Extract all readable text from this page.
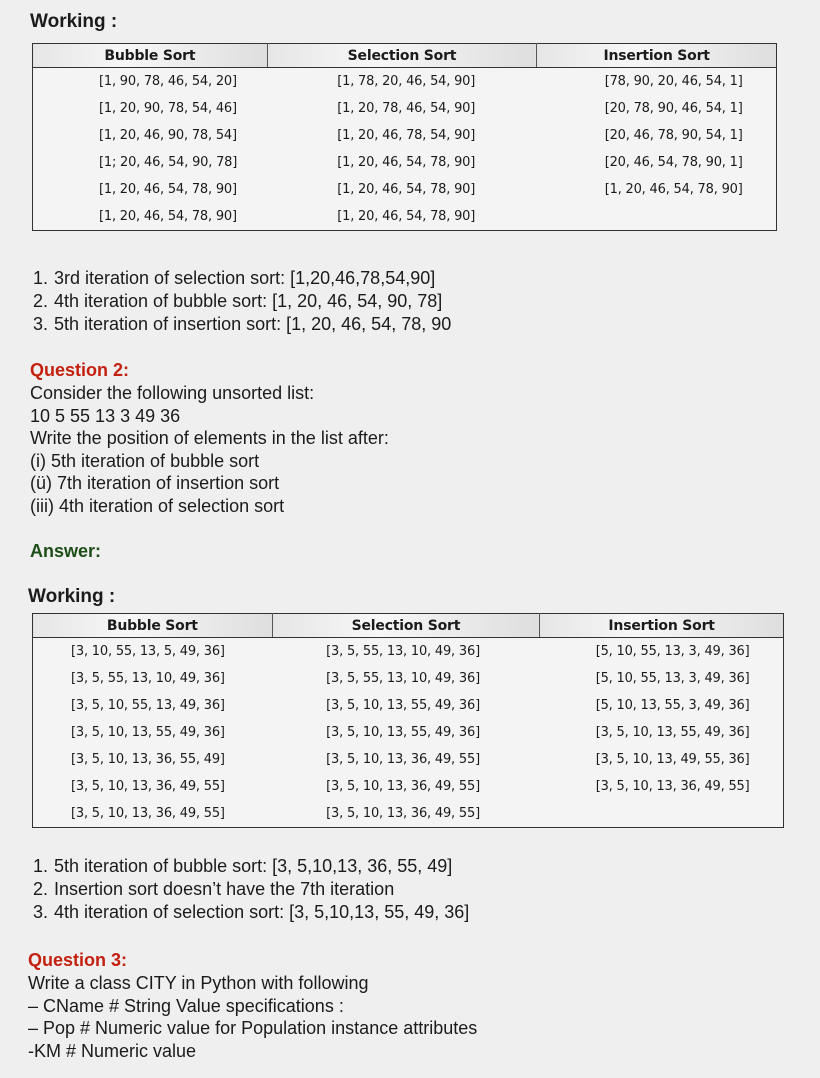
Working :
Bubble Sort	Selection Sort	Insertion Sort

[1, 90, 78, 46, 54, 20]	[1, 78, 20, 46, 54, 90]	[78, 90, 20, 46, 54, 1]

[1, 20, 90, 78, 54, 46]	[1, 20, 78, 46, 54, 90]	[20, 78, 90, 46, 54, 1]

[1, 20, 46, 90, 78, 54]	[1, 20, 46, 78, 54, 90]	[20, 46, 78, 90, 54, 1]

[1; 20, 46, 54, 90, 78]	[1, 20, 46, 54, 78, 90]	[20, 46, 54, 78, 90, 1]

[1, 20, 46, 54, 78, 90]	[1, 20, 46, 54, 78, 90]	[1, 20, 46, 54, 78, 90]

[1, 20, 46, 54, 78, 90]	[1, 20, 46, 54, 78, 90]	

1. 3rd iteration of selection sort: [1,20,46,78,54,90]
2. 4th iteration of bubble sort: [1, 20, 46, 54, 90, 78]
3. 5th iteration of insertion sort: [1, 20, 46, 54, 78, 90
Question 2:
Consider the following unsorted list:
10 5 55 13 3 49 36
Write the position of elements in the list after:
(i) 5th iteration of bubble sort
(ü) 7th iteration of insertion sort
(iii) 4th iteration of selection sort
Answer:
Working :
Bubble Sort	Selection Sort	Insertion Sort

[3, 10, 55, 13, 5, 49, 36]	[3, 5, 55, 13, 10, 49, 36]	[5, 10, 55, 13, 3, 49, 36]

[3, 5, 55, 13, 10, 49, 36]	[3, 5, 55, 13, 10, 49, 36]	[5, 10, 55, 13, 3, 49, 36]

[3, 5, 10, 55, 13, 49, 36]	[3, 5, 10, 13, 55, 49, 36]	[5, 10, 13, 55, 3, 49, 36]

[3, 5, 10, 13, 55, 49, 36]	[3, 5, 10, 13, 55, 49, 36]	[3, 5, 10, 13, 55, 49, 36]

[3, 5, 10, 13, 36, 55, 49]	[3, 5, 10, 13, 36, 49, 55]	[3, 5, 10, 13, 49, 55, 36]

[3, 5, 10, 13, 36, 49, 55]	[3, 5, 10, 13, 36, 49, 55]	[3, 5, 10, 13, 36, 49, 55]

[3, 5, 10, 13, 36, 49, 55]	[3, 5, 10, 13, 36, 49, 55]	

1. 5th iteration of bubble sort: [3, 5,10,13, 36, 55, 49]
2. Insertion sort doesn’t have the 7th iteration
3. 4th iteration of selection sort: [3, 5,10,13, 55, 49, 36]
Question 3:
Write a class CITY in Python with following
– CName # String Value specifications :
– Pop # Numeric value for Population instance attributes
-KM # Numeric value
